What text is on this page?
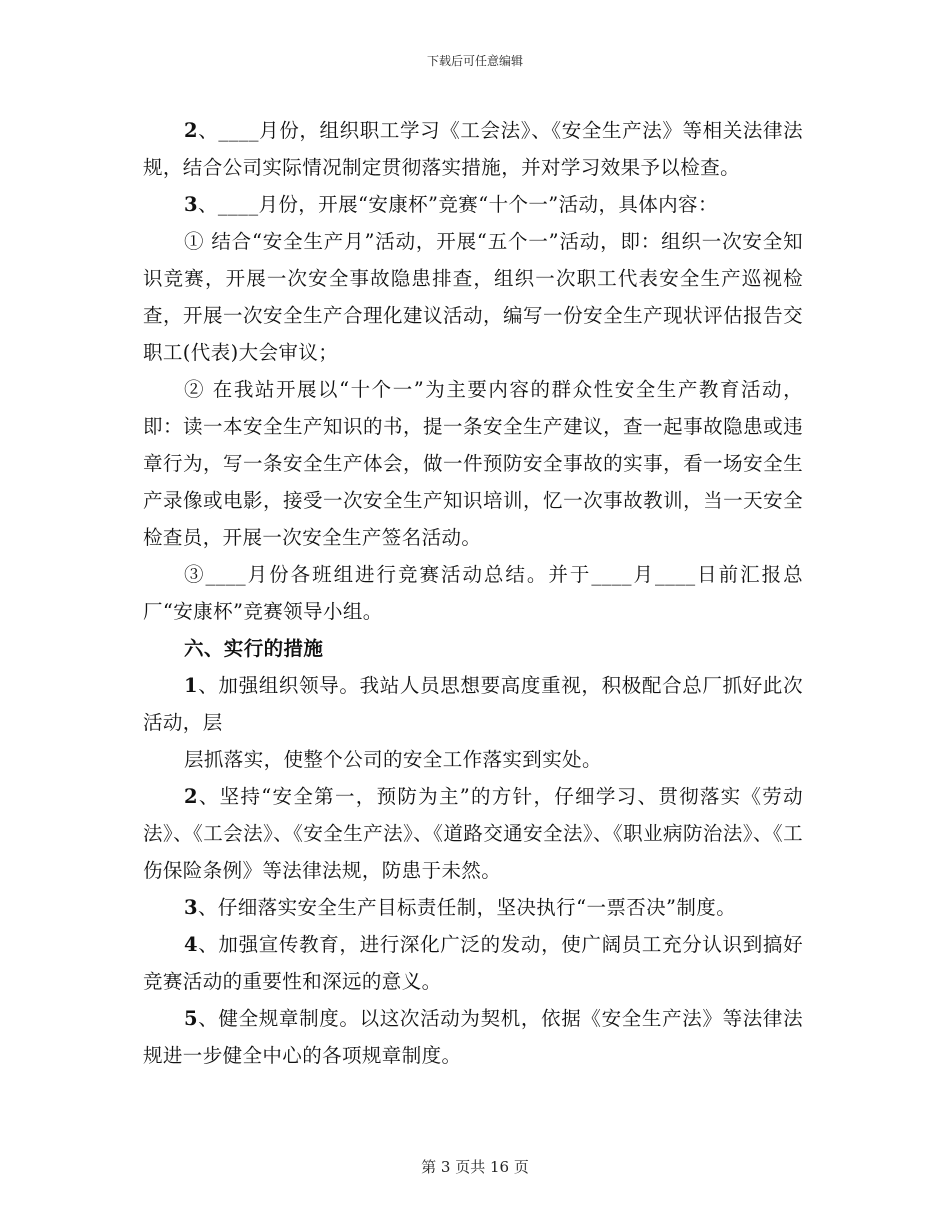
下载后可任意编辑

2、____月份，组织职工学习《工会法》、《安全生产法》等相关法律法规，结合公司实际情况制定贯彻落实措施，并对学习效果予以检查。

3、____月份，开展“安康杯”竞赛“十个一”活动，具体内容：

① 结合“安全生产月”活动，开展“五个一”活动，即：组织一次安全知识竞赛，开展一次安全事故隐患排查，组织一次职工代表安全生产巡视检查，开展一次安全生产合理化建议活动，编写一份安全生产现状评估报告交职工(代表)大会审议；

② 在我站开展以“十个一”为主要内容的群众性安全生产教育活动，即：读一本安全生产知识的书，提一条安全生产建议，查一起事故隐患或违章行为，写一条安全生产体会，做一件预防安全事故的实事，看一场安全生产录像或电影，接受一次安全生产知识培训，忆一次事故教训，当一天安全检查员，开展一次安全生产签名活动。

③____月份各班组进行竞赛活动总结。并于____月____日前汇报总厂“安康杯”竞赛领导小组。

六、实行的措施

1、加强组织领导。我站人员思想要高度重视，积极配合总厂抓好此次活动，层

层抓落实，使整个公司的安全工作落实到实处。

2、坚持“安全第一，预防为主”的方针，仔细学习、贯彻落实《劳动法》、《工会法》、《安全生产法》、《道路交通安全法》、《职业病防治法》、《工伤保险条例》等法律法规，防患于未然。

3、仔细落实安全生产目标责任制，坚决执行“一票否决”制度。

4、加强宣传教育，进行深化广泛的发动，使广阔员工充分认识到搞好竞赛活动的重要性和深远的意义。

5、健全规章制度。以这次活动为契机，依据《安全生产法》等法律法规进一步健全中心的各项规章制度。

第 3 页共 16 页
